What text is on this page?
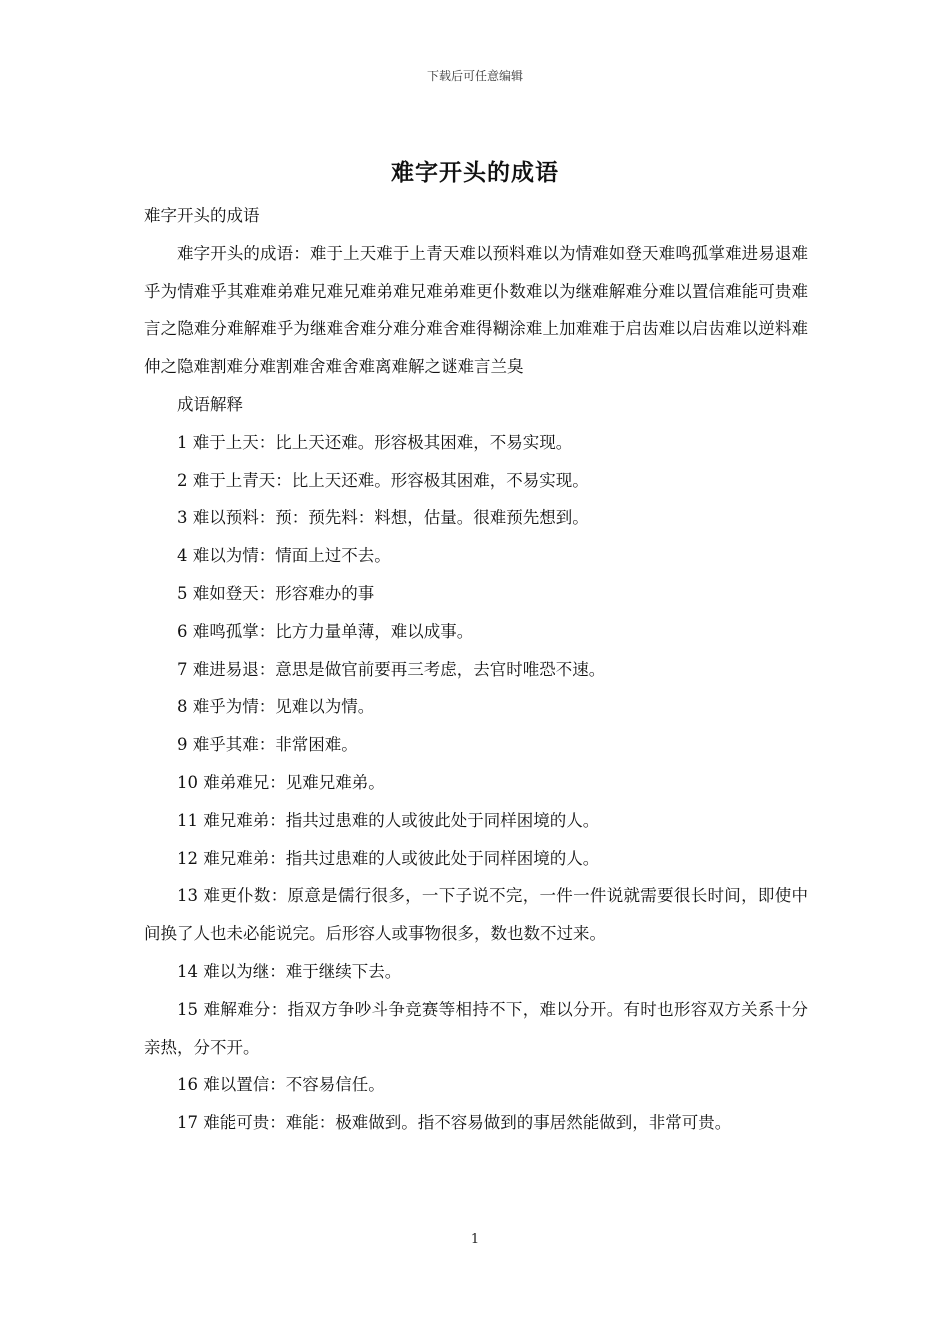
下载后可任意编辑
难字开头的成语

难字开头的成语

难字开头的成语：难于上天难于上青天难以预料难以为情难如登天难鸣孤掌难进易退难乎为情难乎其难难弟难兄难兄难弟难兄难弟难更仆数难以为继难解难分难以置信难能可贵难言之隐难分难解难乎为继难舍难分难分难舍难得糊涂难上加难难于启齿难以启齿难以逆料难伸之隐难割难分难割难舍难舍难离难解之谜难言兰臭

成语解释

1 难于上天：比上天还难。形容极其困难，不易实现。

2 难于上青天：比上天还难。形容极其困难，不易实现。

3 难以预料：预：预先料：料想，估量。很难预先想到。

4 难以为情：情面上过不去。

5 难如登天：形容难办的事

6 难鸣孤掌：比方力量单薄，难以成事。

7 难进易退：意思是做官前要再三考虑，去官时唯恐不速。

8 难乎为情：见难以为情。

9 难乎其难：非常困难。

10 难弟难兄：见难兄难弟。

11 难兄难弟：指共过患难的人或彼此处于同样困境的人。

12 难兄难弟：指共过患难的人或彼此处于同样困境的人。

13 难更仆数：原意是儒行很多，一下子说不完，一件一件说就需要很长时间，即使中间换了人也未必能说完。后形容人或事物很多，数也数不过来。

14 难以为继：难于继续下去。

15 难解难分：指双方争吵斗争竞赛等相持不下，难以分开。有时也形容双方关系十分亲热，分不开。

16 难以置信：不容易信任。

17 难能可贵：难能：极难做到。指不容易做到的事居然能做到，非常可贵。

1
